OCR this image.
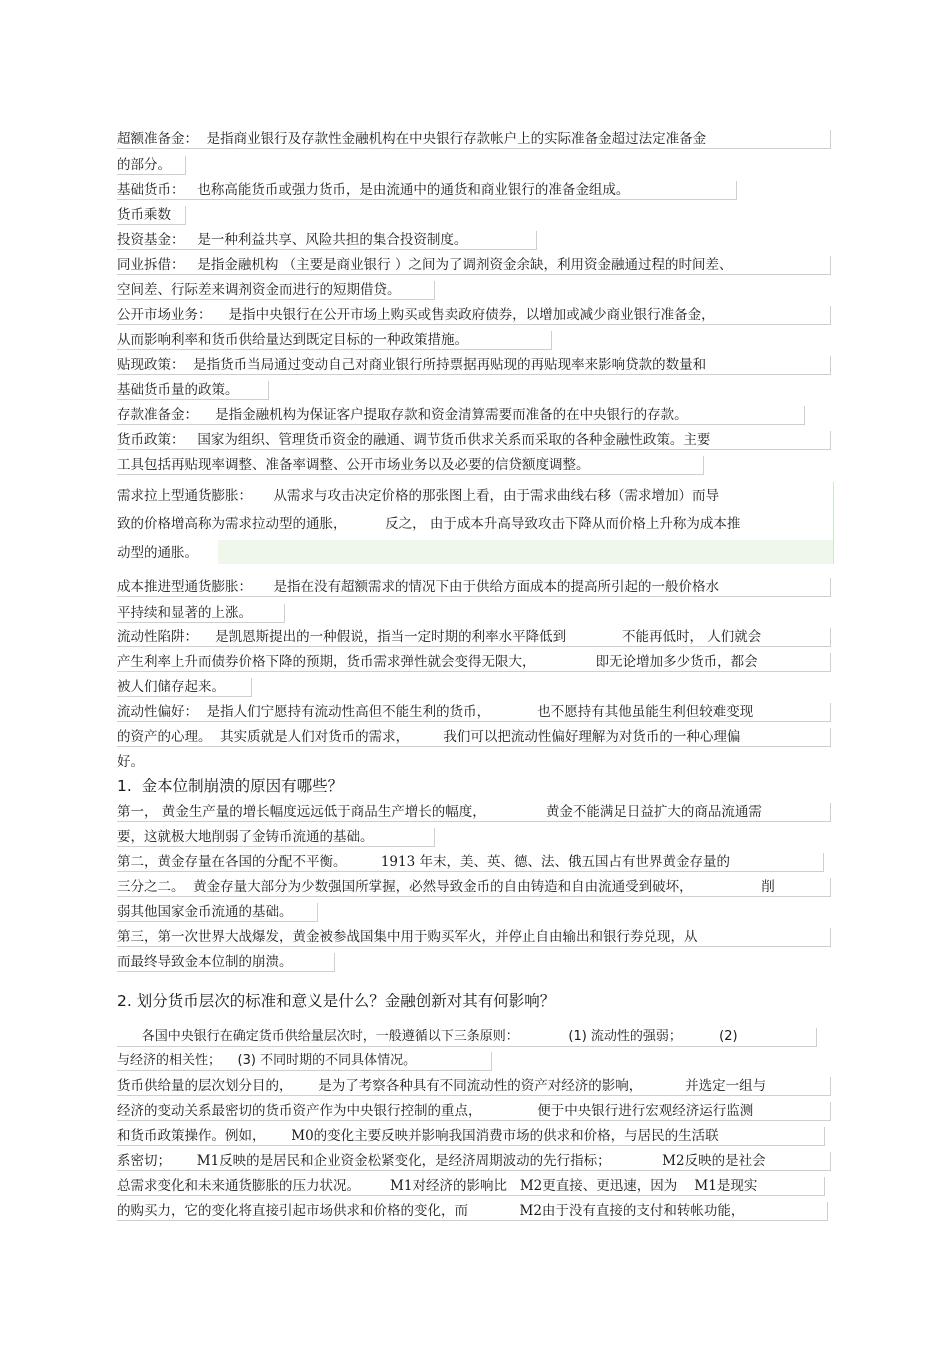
超额准备金：  是指商业银行及存款性金融机构在中央银行存款帐户上的实际准备金超过法定准备金
的部分。
基础货币：   也称高能货币或强力货币，是由流通中的通货和商业银行的准备金组成。
货币乘数
投资基金：   是一种利益共享、风险共担的集合投资制度。
同业拆借：   是指金融机构 （主要是商业银行 ）之间为了调剂资金余缺，利用资金融通过程的时间差、
空间差、行际差来调剂资金而进行的短期借贷。
公开市场业务：    是指中央银行在公开市场上购买或售卖政府债券，以增加或减少商业银行准备金，
从而影响利率和货币供给量达到既定目标的一种政策措施。
贴现政策：  是指货币当局通过变动自己对商业银行所持票据再贴现的再贴现率来影响贷款的数量和
基础货币量的政策。
存款准备金：    是指金融机构为保证客户提取存款和资金清算需要而准备的在中央银行的存款。
货币政策：   国家为组织、管理货币资金的融通、调节货币供求关系而采取的各种金融性政策。主要
工具包括再贴现率调整、准备率调整、公开市场业务以及必要的信贷额度调整。
需求拉上型通货膨胀：     从需求与攻击决定价格的那张图上看，由于需求曲线右移（需求增加）而导
致的价格增高称为需求拉动型的通胀，         反之， 由于成本升高导致攻击下降从而价格上升称为成本推
动型的通胀。
成本推进型通货膨胀：     是指在没有超额需求的情况下由于供给方面成本的提高所引起的一般价格水
平持续和显著的上涨。
流动性陷阱：    是凯恩斯提出的一种假说，指当一定时期的利率水平降低到             不能再低时， 人们就会
产生利率上升而债券价格下降的预期，货币需求弹性就会变得无限大，              即无论增加多少货币，都会
被人们储存起来。
流动性偏好：  是指人们宁愿持有流动性高但不能生利的货币，           也不愿持有其他虽能生利但较难变现
的资产的心理。  其实质就是人们对货币的需求，        我们可以把流动性偏好理解为对货币的一种心理偏
好。
1.  金本位制崩溃的原因有哪些？
第一， 黄金生产量的增长幅度远远低于商品生产增长的幅度，              黄金不能满足日益扩大的商品流通需
要，这就极大地削弱了金铸币流通的基础。
第二，黄金存量在各国的分配不平衡。        1913 年末，美、英、德、法、俄五国占有世界黄金存量的
三分之二。  黄金存量大部分为少数强国所掌握，必然导致金币的自由铸造和自由流通受到破坏，                削
弱其他国家金币流通的基础。
第三，第一次世界大战爆发，黄金被参战国集中用于购买军火，并停止自由输出和银行券兑现，从
而最终导致金本位制的崩溃。
2. 划分货币层次的标准和意义是什么？金融创新对其有何影响？
各国中央银行在确定货币供给量层次时，一般遵循以下三条原则：            (1) 流动性的强弱；         (2)
与经济的相关性；    (3) 不同时期的不同具体情况。
货币供给量的层次划分目的，      是为了考察各种具有不同流动性的资产对经济的影响，          并选定一组与
经济的变动关系最密切的货币资产作为中央银行控制的重点，             便于中央银行进行宏观经济运行监测
和货币政策操作。例如，      M0的变化主要反映并影响我国消费市场的供求和价格，与居民的生活联
系密切；      M1反映的是居民和企业资金松紧变化，是经济周期波动的先行指标；            M2反映的是社会
总需求变化和未来通货膨胀的压力状况。       M1对经济的影响比   M2更直接、更迅速，因为    M1是现实
的购买力，它的变化将直接引起市场供求和价格的变化，而            M2由于没有直接的支付和转帐功能，
